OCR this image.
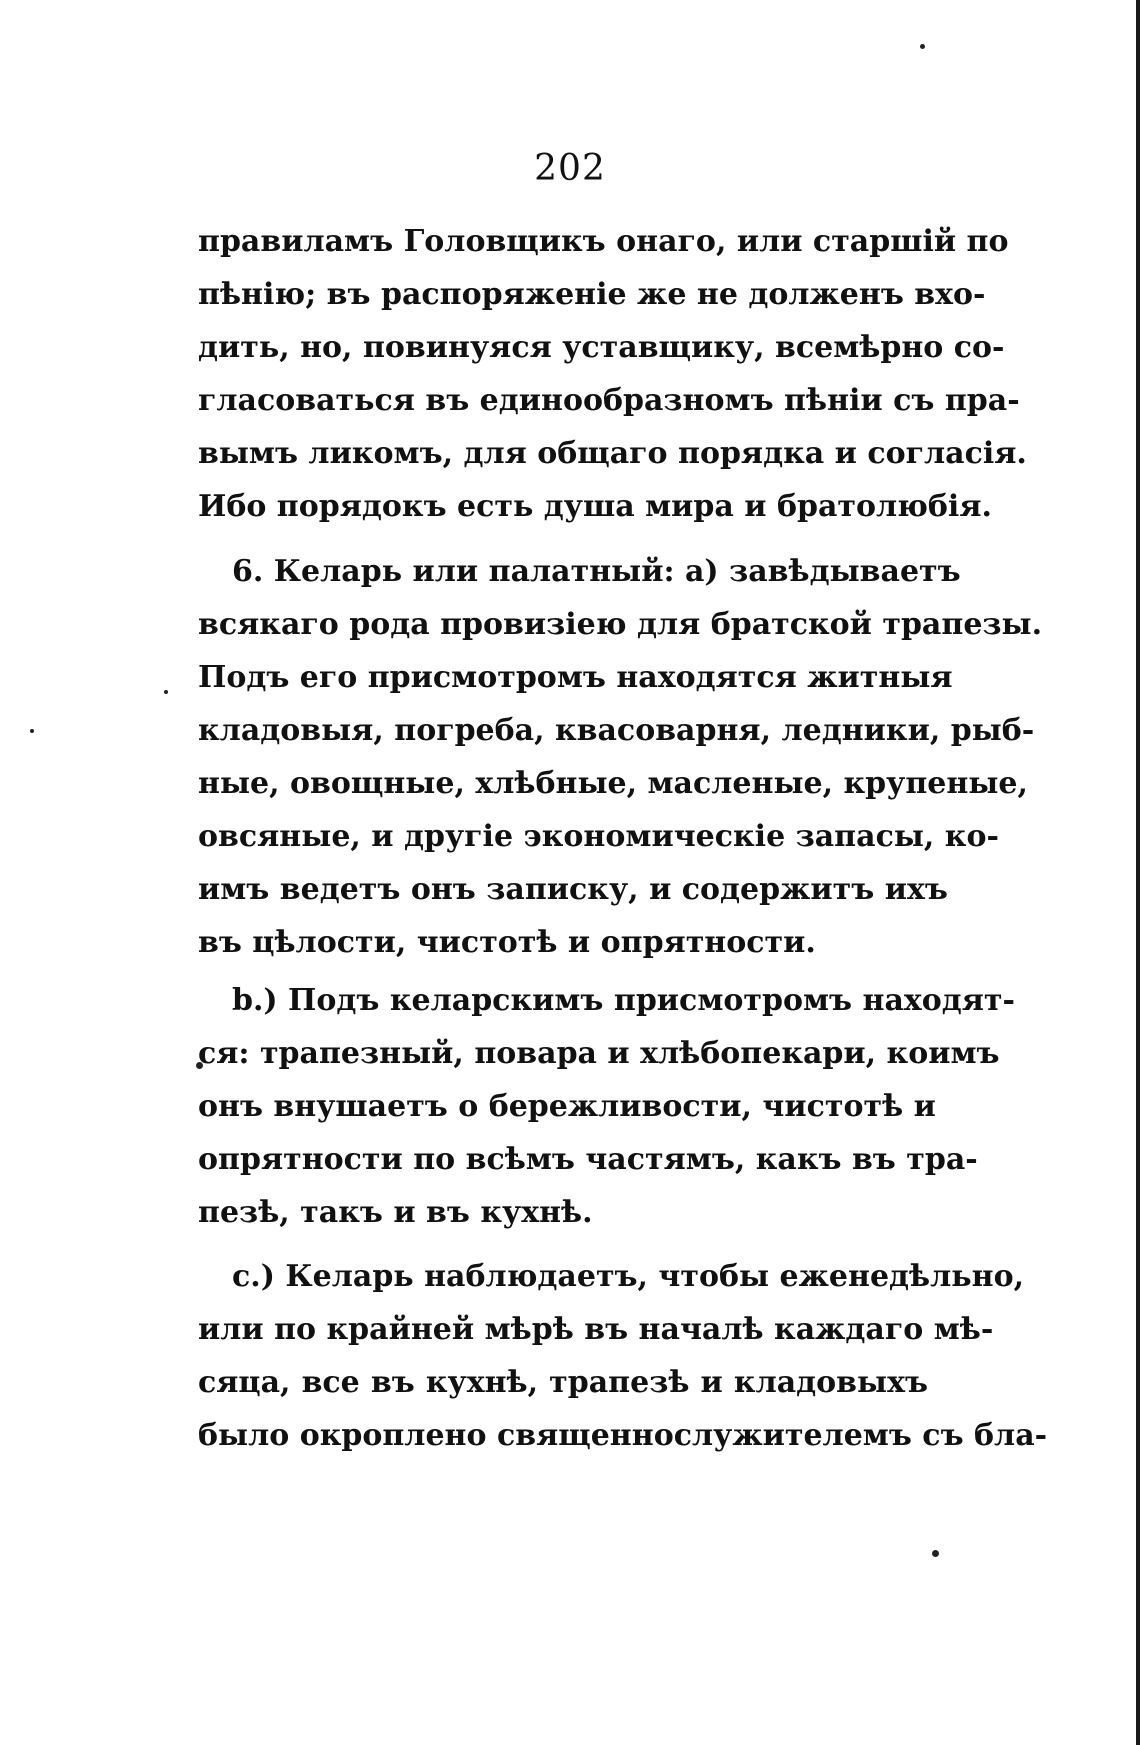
202
правиламъ Головщикъ онаго, или старшій по
пѣнію; въ распоряженіе же не долженъ вхо-
дить, но, повинуяся уставщику, всемѣрно со-
гласоваться въ единообразномъ пѣніи съ пра-
вымъ ликомъ, для общаго порядка и соглаcія.
Ибо порядокъ есть душа мира и братолюбія.
6. Келарь или палатный: а) завѣдываетъ
всякаго рода провизіею для братской трапезы.
Подъ его присмотромъ находятся житныя
кладовыя, погреба, квасоварня, ледники, рыб-
ные, овощные, хлѣбные, масленые, крупеные,
овсяные, и другіе экономическіе запасы, ко-
имъ ведетъ онъ записку, и содержитъ ихъ
въ цѣлости, чистотѣ и опрятности.
b.) Подъ келарскимъ присмотромъ находят-
ся: трапезный, повара и хлѣбопекари, коимъ
онъ внушаетъ о бережливости, чистотѣ и
опрятности по всѣмъ частямъ, какъ въ тра-
пезѣ, такъ и въ кухнѣ.
с.) Келарь наблюдаетъ, чтобы еженедѣльно,
или по крайней мѣрѣ въ началѣ каждаго мѣ-
сяца, все въ кухнѣ, трапезѣ и кладовыхъ
было окроплено священнослужителемъ съ бла-
